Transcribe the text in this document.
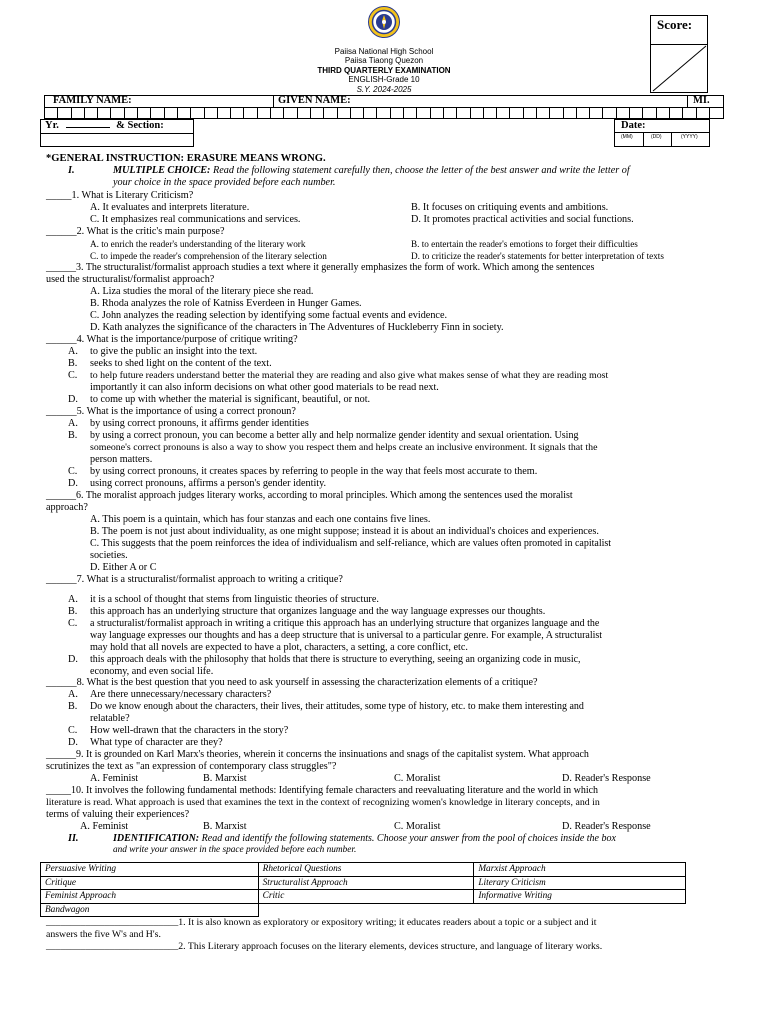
Paiisa National High School
Paiisa Tiaong Quezon
THIRD QUARTERLY EXAMINATION
ENGLISH-Grade 10
S.Y. 2024-2025
Score:
FAMILY NAME:	GIVEN NAME:	MI.
Yr.	& Section:	Date:
(MM)	(DD)	(YYYY)
*GENERAL INSTRUCTION: ERASURE MEANS WRONG.
I.	MULTIPLE CHOICE: Read the following statement carefully then, choose the letter of the best answer and write the letter of
your choice in the space provided before each number.
_____1. What is Literary Criticism?
A. It evaluates and interprets literature.	B. It focuses on critiquing events and ambitions.
C. It emphasizes real communications and services.	D. It promotes practical activities and social functions.
______2. What is the critic's main purpose?
A. to enrich the reader's understanding of the literary work	B. to entertain the reader's emotions to forget their difficulties
C. to impede the reader's comprehension of the literary selection	D. to criticize the reader's statements for better interpretation of texts
______3. The structuralist/formalist approach studies a text where it generally emphasizes the form of work. Which among the sentences
used the structuralist/formalist approach?
A. Liza studies the moral of the literary piece she read.
B. Rhoda analyzes the role of Katniss Everdeen in Hunger Games.
C. John analyzes the reading selection by identifying some factual events and evidence.
D. Kath analyzes the significance of the characters in The Adventures of Huckleberry Finn in society.
______4. What is the importance/purpose of critique writing?
A. to give the public an insight into the text.
B. seeks to shed light on the content of the text.
C. to help future readers understand better the material they are reading and also give what makes sense of what they are reading most
importantly it can also inform decisions on what other good materials to be read next.
D. to come up with whether the material is significant, beautiful, or not.
______5. What is the importance of using a correct pronoun?
A. by using correct pronouns, it affirms gender identities
B. by using a correct pronoun, you can become a better ally and help normalize gender identity and sexual orientation. Using
someone's correct pronouns is also a way to show you respect them and helps create an inclusive environment. It signals that the
person matters.
C. by using correct pronouns, it creates spaces by referring to people in the way that feels most accurate to them.
D. using correct pronouns, affirms a person's gender identity.
______6. The moralist approach judges literary works, according to moral principles. Which among the sentences used the moralist
approach?
A. This poem is a quintain, which has four stanzas and each one contains five lines.
B. The poem is not just about individuality, as one might suppose; instead it is about an individual's choices and experiences.
C. This suggests that the poem reinforces the idea of individualism and self-reliance, which are values often promoted in capitalist
societies.
D. Either A or C
______7. What is a structuralist/formalist approach to writing a critique?
A. it is a school of thought that stems from linguistic theories of structure.
B. this approach has an underlying structure that organizes language and the way language expresses our thoughts.
C. a structuralist/formalist approach in writing a critique this approach has an underlying structure that organizes language and the
way language expresses our thoughts and has a deep structure that is universal to a particular genre. For example, A structuralist
may hold that all novels are expected to have a plot, characters, a setting, a core conflict, etc.
D. this approach deals with the philosophy that holds that there is structure to everything, seeing an organizing code in music,
economy, and even social life.
______8. What is the best question that you need to ask yourself in assessing the characterization elements of a critique?
A. Are there unnecessary/necessary characters?
B. Do we know enough about the characters, their lives, their attitudes, some type of history, etc. to make them interesting and
relatable?
C. How well-drawn that the characters in the story?
D. What type of character are they?
______9. It is grounded on Karl Marx's theories, wherein it concerns the insinuations and snags of the capitalist system. What approach
scrutinizes the text as "an expression of contemporary class struggles"?
A. Feminist	B. Marxist	C. Moralist	D. Reader's Response
_____10. It involves the following fundamental methods: Identifying female characters and reevaluating literature and the world in which
literature is read. What approach is used that examines the text in the context of recognizing women's knowledge in literary concepts, and in
terms of valuing their experiences?
A. Feminist	B. Marxist	C. Moralist	D. Reader's Response
II.	IDENTIFICATION: Read and identify the following statements. Choose your answer from the pool of choices inside the box
and write your answer in the space provided before each number.
Persuasive Writing	Rhetorical Questions	Marxist Approach
Critique	Structuralist Approach	Literary Criticism
Feminist Approach	Critic	Informative Writing
Bandwagon		
___________________________1. It is also known as exploratory or expository writing; it educates readers about a topic or a subject and it
answers the five W's and H's.
___________________________2. This Literary approach focuses on the literary elements, devices structure, and language of literary works.
